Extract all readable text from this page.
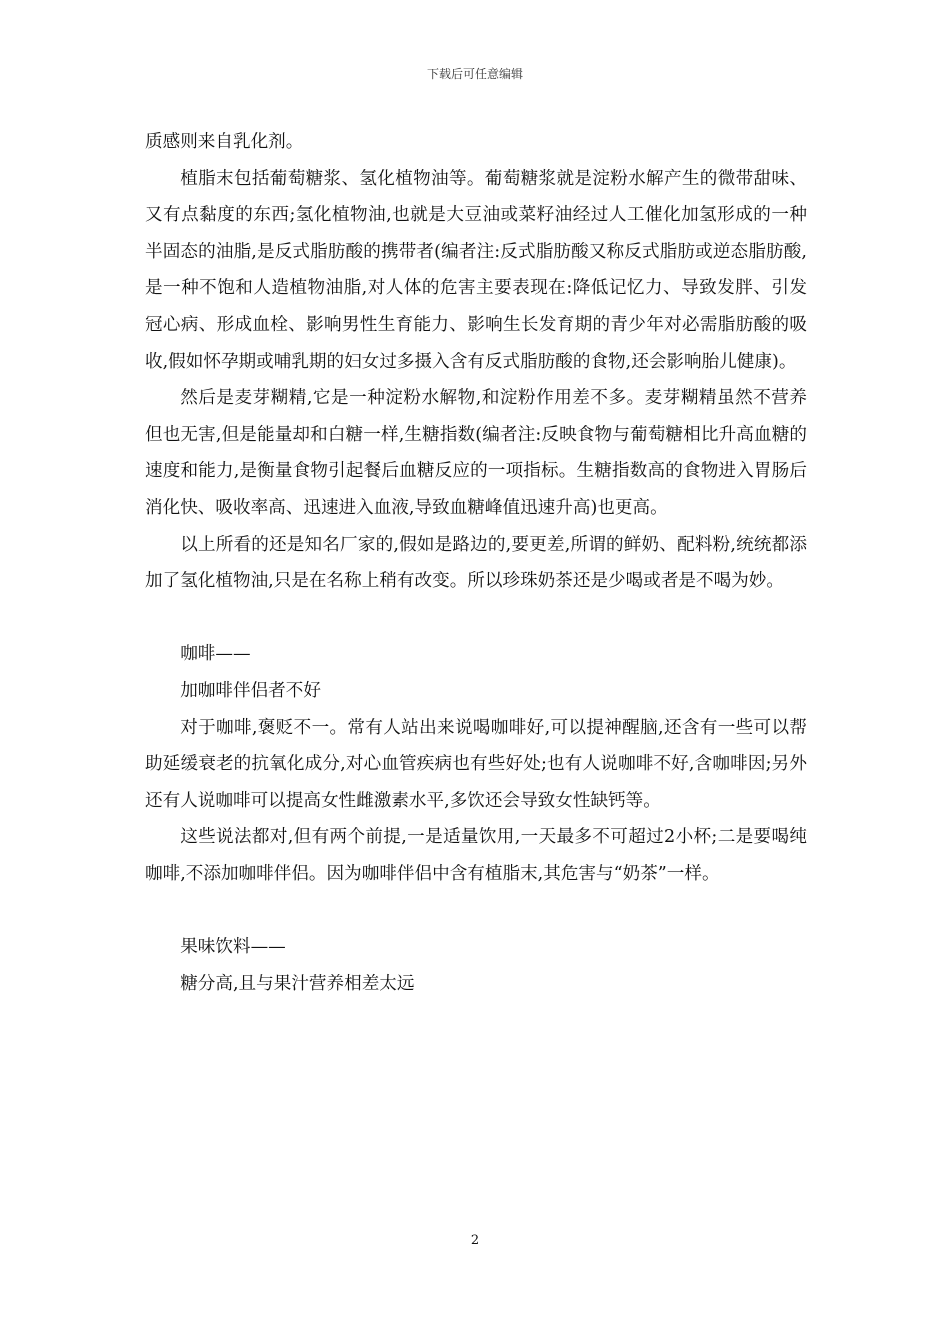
下载后可任意编辑

质感则来自乳化剂。

植脂末包括葡萄糖浆、氢化植物油等。葡萄糖浆就是淀粉水解产生的微带甜味、又有点黏度的东西;氢化植物油,也就是大豆油或菜籽油经过人工催化加氢形成的一种半固态的油脂,是反式脂肪酸的携带者(编者注:反式脂肪酸又称反式脂肪或逆态脂肪酸,是一种不饱和人造植物油脂,对人体的危害主要表现在:降低记忆力、导致发胖、引发冠心病、形成血栓、影响男性生育能力、影响生长发育期的青少年对必需脂肪酸的吸收,假如怀孕期或哺乳期的妇女过多摄入含有反式脂肪酸的食物,还会影响胎儿健康)。

然后是麦芽糊精,它是一种淀粉水解物,和淀粉作用差不多。麦芽糊精虽然不营养但也无害,但是能量却和白糖一样,生糖指数(编者注:反映食物与葡萄糖相比升高血糖的速度和能力,是衡量食物引起餐后血糖反应的一项指标。生糖指数高的食物进入胃肠后消化快、吸收率高、迅速进入血液,导致血糖峰值迅速升高)也更高。

以上所看的还是知名厂家的,假如是路边的,要更差,所谓的鲜奶、配料粉,统统都添加了氢化植物油,只是在名称上稍有改变。所以珍珠奶茶还是少喝或者是不喝为妙。

咖啡——

加咖啡伴侣者不好

对于咖啡,褒贬不一。常有人站出来说喝咖啡好,可以提神醒脑,还含有一些可以帮助延缓衰老的抗氧化成分,对心血管疾病也有些好处;也有人说咖啡不好,含咖啡因;另外还有人说咖啡可以提高女性雌激素水平,多饮还会导致女性缺钙等。

这些说法都对,但有两个前提,一是适量饮用,一天最多不可超过2小杯;二是要喝纯咖啡,不添加咖啡伴侣。因为咖啡伴侣中含有植脂末,其危害与“奶茶”一样。

果味饮料——

糖分高,且与果汁营养相差太远

2
